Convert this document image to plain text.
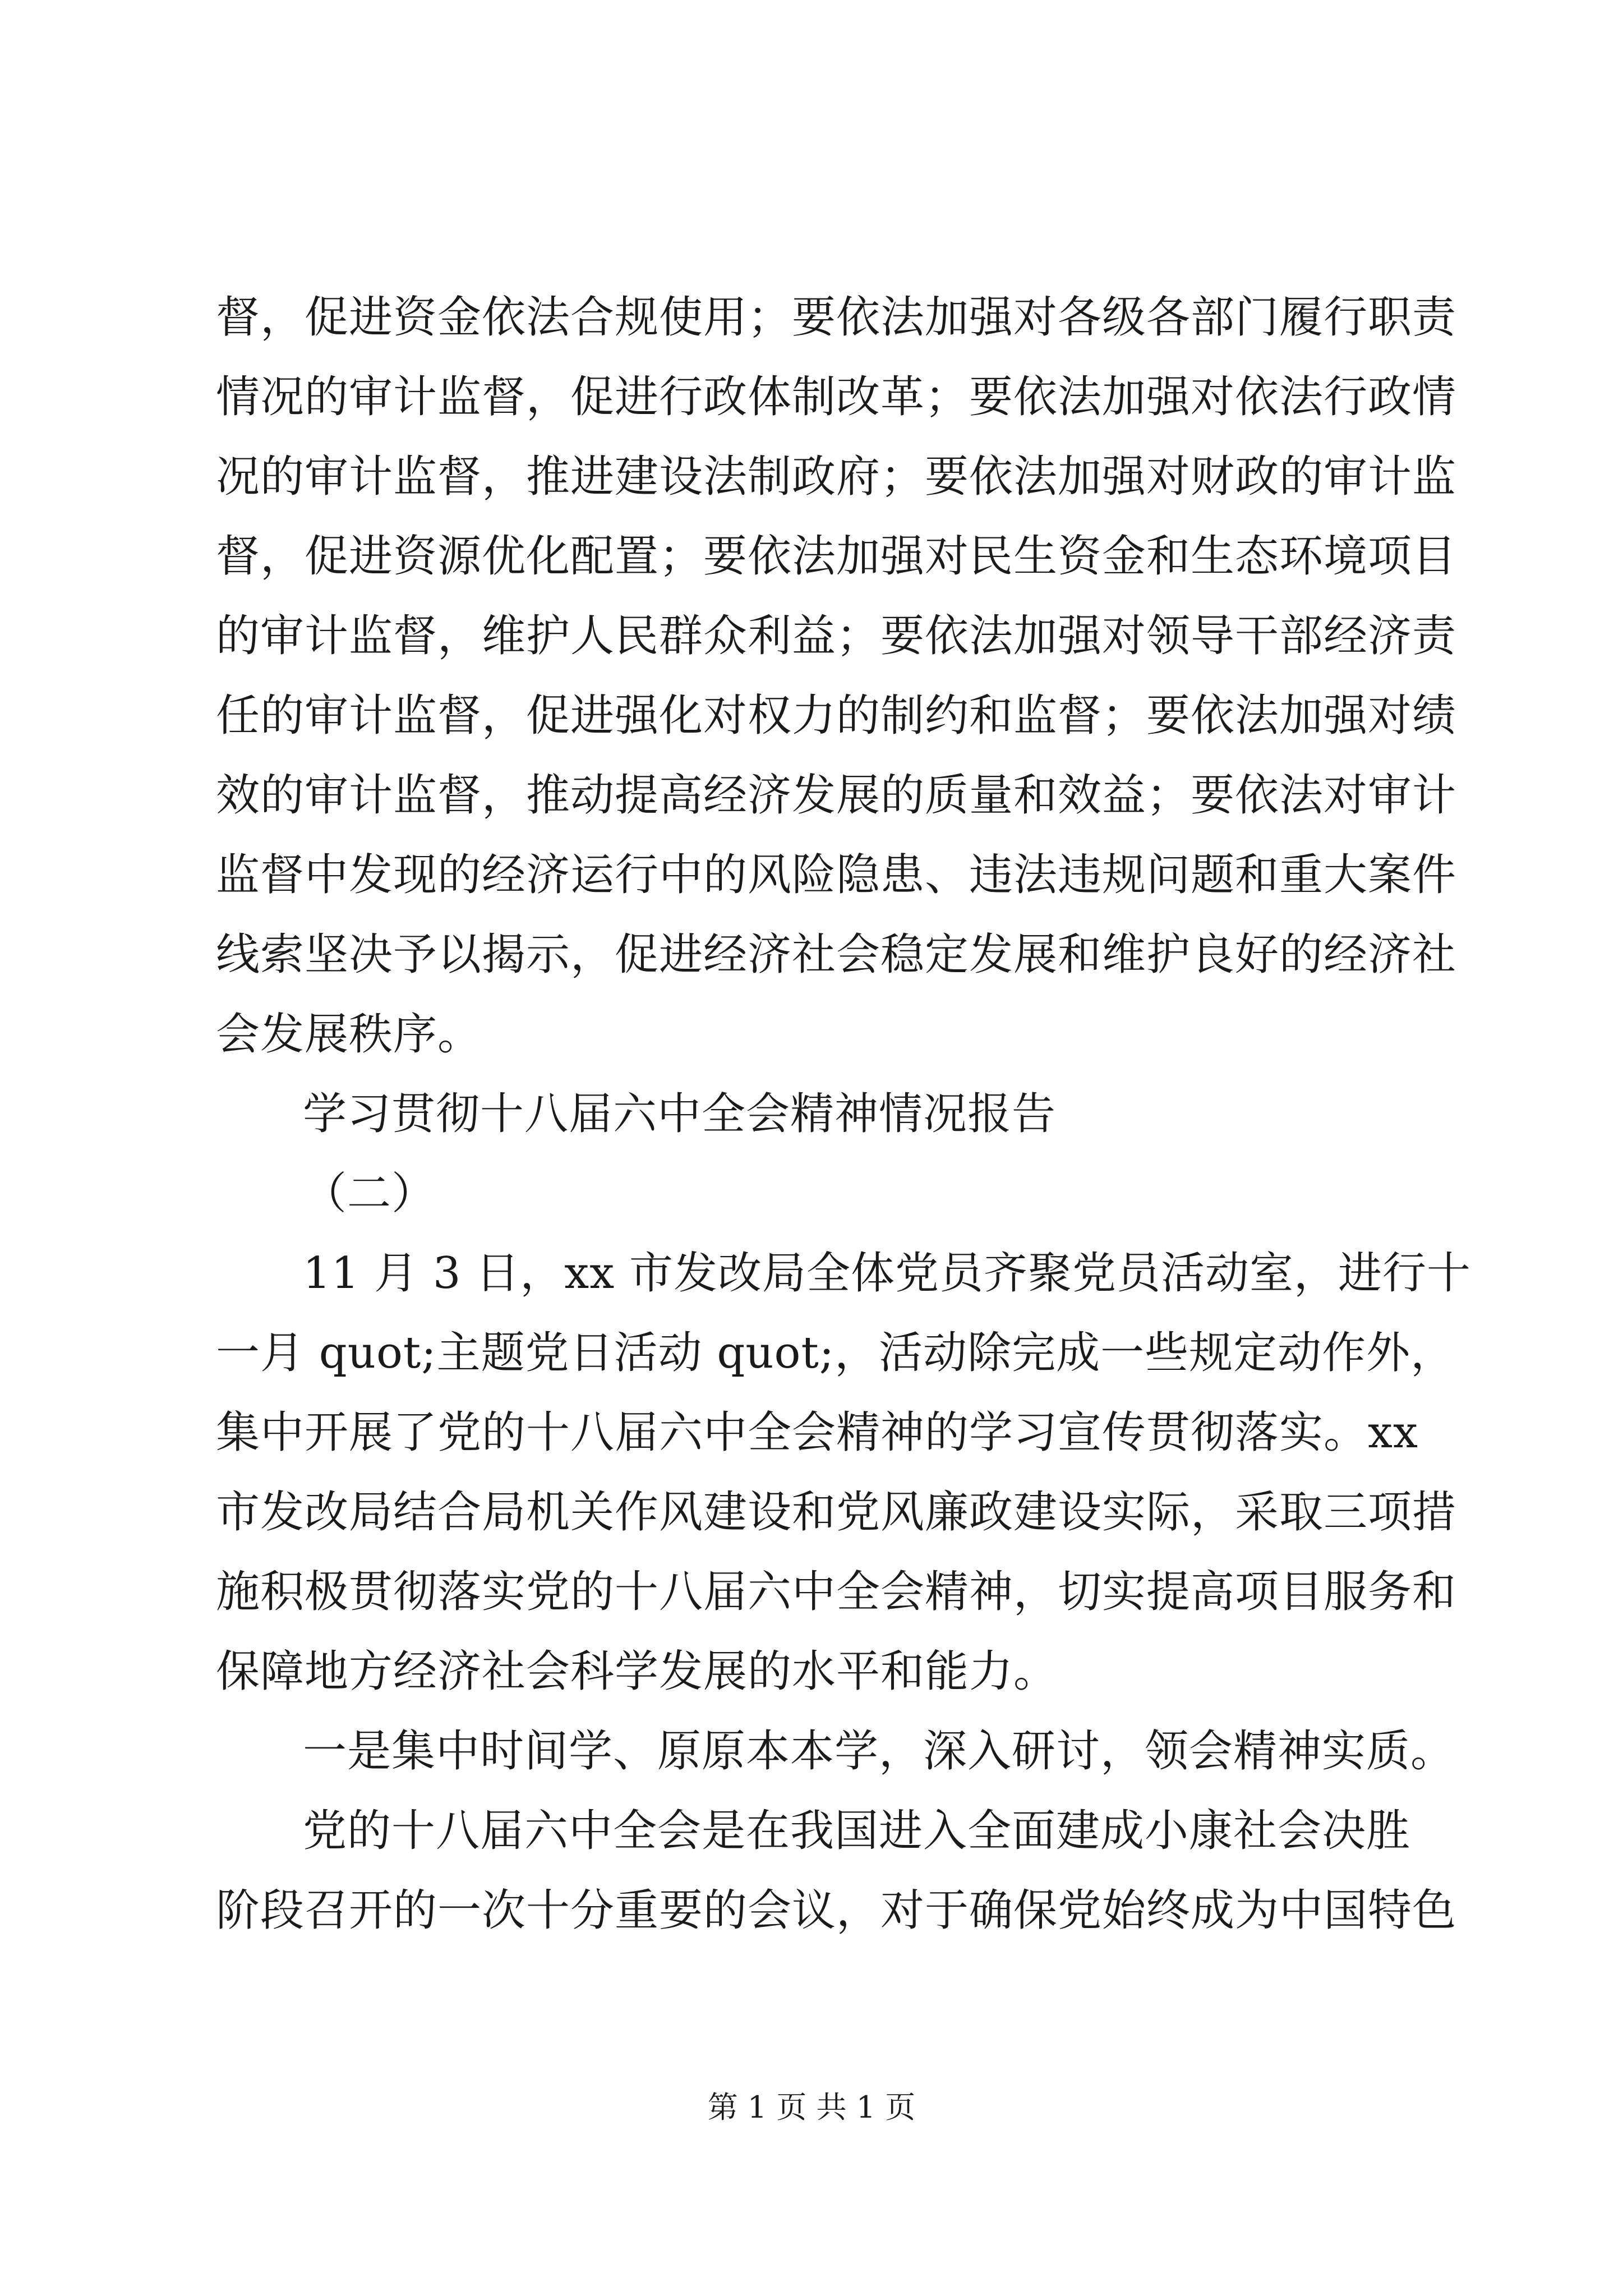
督，促进资金依法合规使用；要依法加强对各级各部门履行职责
情况的审计监督，促进行政体制改革；要依法加强对依法行政情
况的审计监督，推进建设法制政府；要依法加强对财政的审计监
督，促进资源优化配置；要依法加强对民生资金和生态环境项目
的审计监督，维护人民群众利益；要依法加强对领导干部经济责
任的审计监督，促进强化对权力的制约和监督；要依法加强对绩
效的审计监督，推动提高经济发展的质量和效益；要依法对审计
监督中发现的经济运行中的风险隐患、违法违规问题和重大案件
线索坚决予以揭示，促进经济社会稳定发展和维护良好的经济社
会发展秩序。
学习贯彻十八届六中全会精神情况报告
（二）
11 月 3 日，xx 市发改局全体党员齐聚党员活动室，进行十
一月 quot;主题党日活动 quot;，活动除完成一些规定动作外，
集中开展了党的十八届六中全会精神的学习宣传贯彻落实。xx
市发改局结合局机关作风建设和党风廉政建设实际，采取三项措
施积极贯彻落实党的十八届六中全会精神，切实提高项目服务和
保障地方经济社会科学发展的水平和能力。
一是集中时间学、原原本本学，深入研讨，领会精神实质。
党的十八届六中全会是在我国进入全面建成小康社会决胜
阶段召开的一次十分重要的会议，对于确保党始终成为中国特色
第 1 页 共 1 页
